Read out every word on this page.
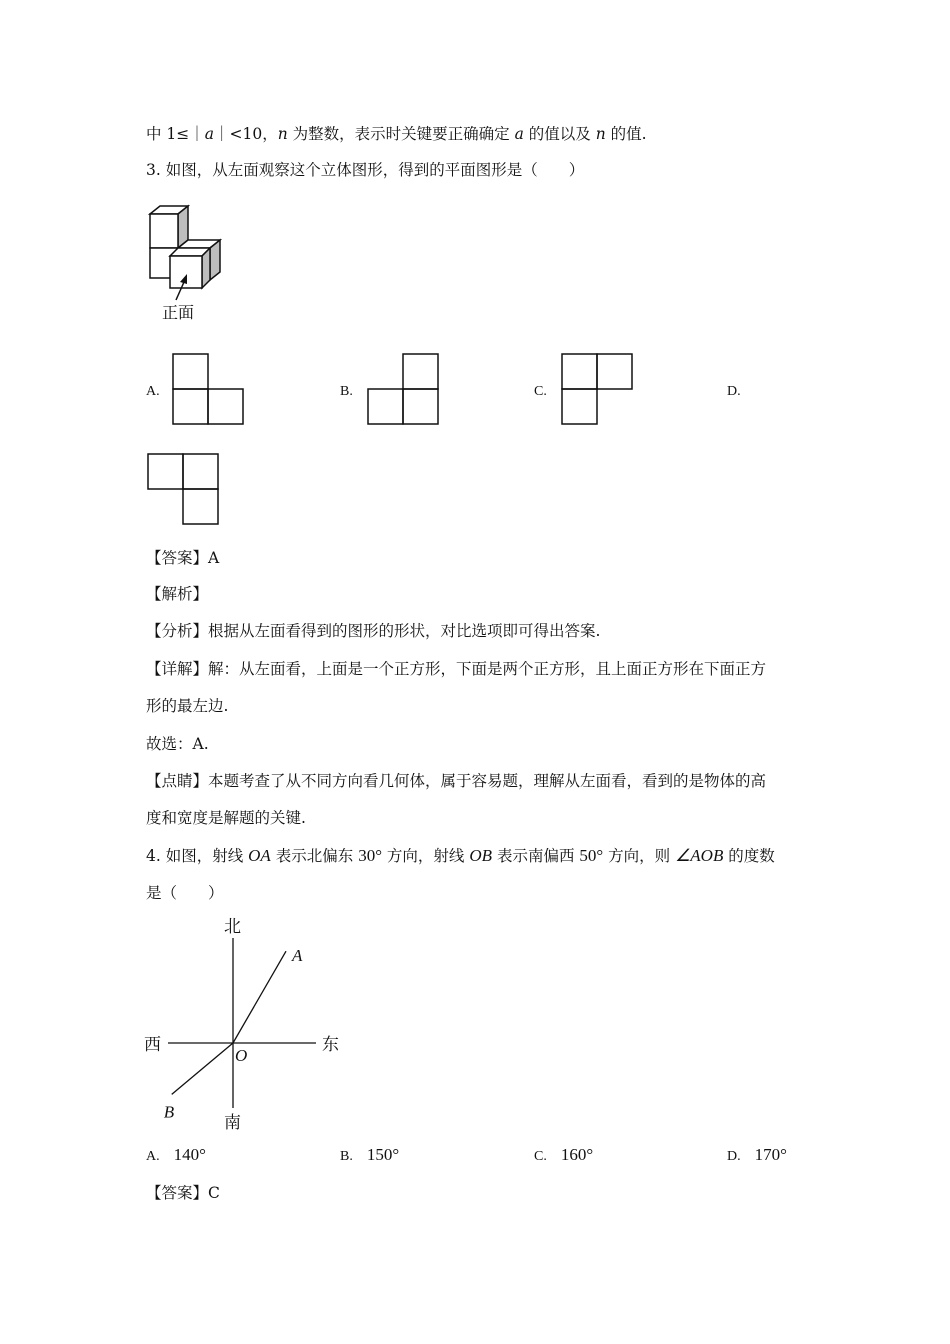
中 1≤｜a｜<10，n 为整数，表示时关键要正确确定 a 的值以及 n 的值.
3. 如图，从左面观察这个立体图形，得到的平面图形是（　　）
正面
A.	B.	C.	D.
【答案】A
【解析】
【分析】根据从左面看得到的图形的形状，对比选项即可得出答案.
【详解】解：从左面看，上面是一个正方形，下面是两个正方形，且上面正方形在下面正方
形的最左边.
故选：A.
【点睛】本题考查了从不同方向看几何体，属于容易题，理解从左面看，看到的是物体的高
度和宽度是解题的关键.
4. 如图，射线 OA 表示北偏东 30° 方向，射线 OB 表示南偏西 50° 方向，则 ∠AOB 的度数
是（　　）
北
南
东
西
O
A
B
A. 140°	B. 150°	C. 160°	D. 170°
【答案】C
